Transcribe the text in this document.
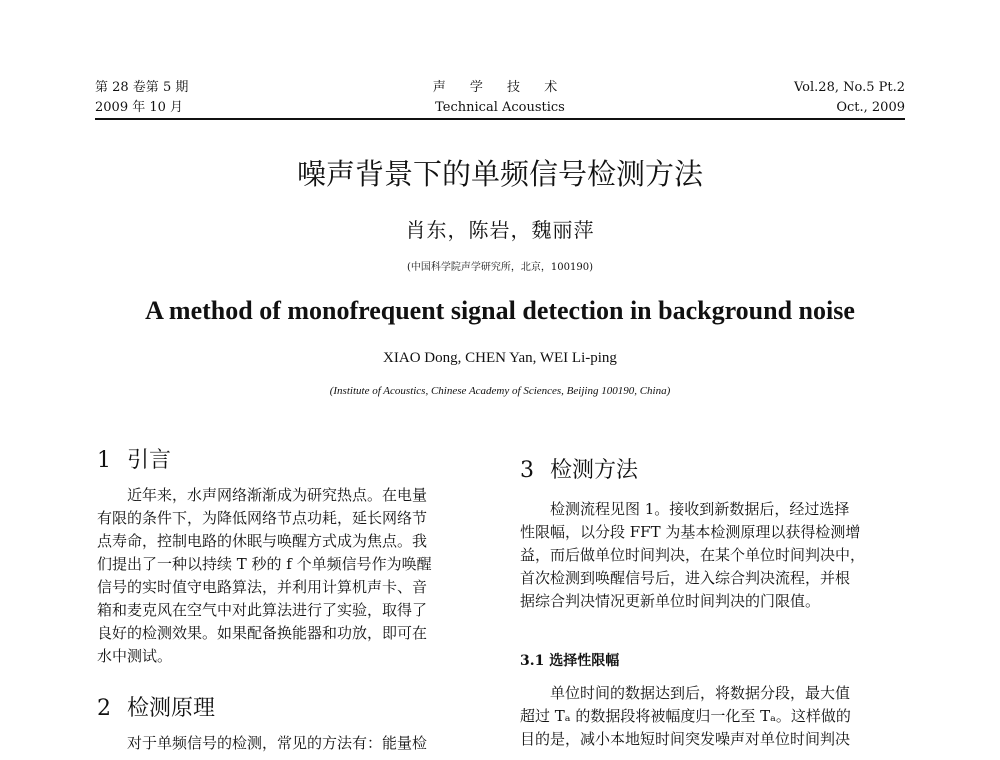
第 28 卷第 5 期
2009 年 10 月
声 学 技 术
Technical Acoustics
Vol.28, No.5 Pt.2
Oct., 2009
噪声背景下的单频信号检测方法
肖东，陈岩，魏丽萍
(中国科学院声学研究所，北京，100190)
A method of monofrequent signal detection in background noise
XIAO Dong, CHEN Yan, WEI Li-ping
(Institute of Acoustics, Chinese Academy of Sciences, Beijing 100190, China)
1 引言
近年来，水声网络渐渐成为研究热点。在电量
有限的条件下，为降低网络节点功耗，延长网络节
点寿命，控制电路的休眠与唤醒方式成为焦点。我
们提出了一种以持续 T 秒的 f 个单频信号作为唤醒
信号的实时值守电路算法，并利用计算机声卡、音
箱和麦克风在空气中对此算法进行了实验，取得了
良好的检测效果。如果配备换能器和功放，即可在
水中测试。
2 检测原理
对于单频信号的检测，常见的方法有：能量检
3 检测方法
检测流程见图 1。接收到新数据后，经过选择
性限幅，以分段 FFT 为基本检测原理以获得检测增
益，而后做单位时间判决，在某个单位时间判决中，
首次检测到唤醒信号后，进入综合判决流程，并根
据综合判决情况更新单位时间判决的门限值。
3.1 选择性限幅
单位时间的数据达到后，将数据分段，最大值
超过 Tₐ 的数据段将被幅度归一化至 Tₐ。这样做的
目的是，减小本地短时间突发噪声对单位时间判决
